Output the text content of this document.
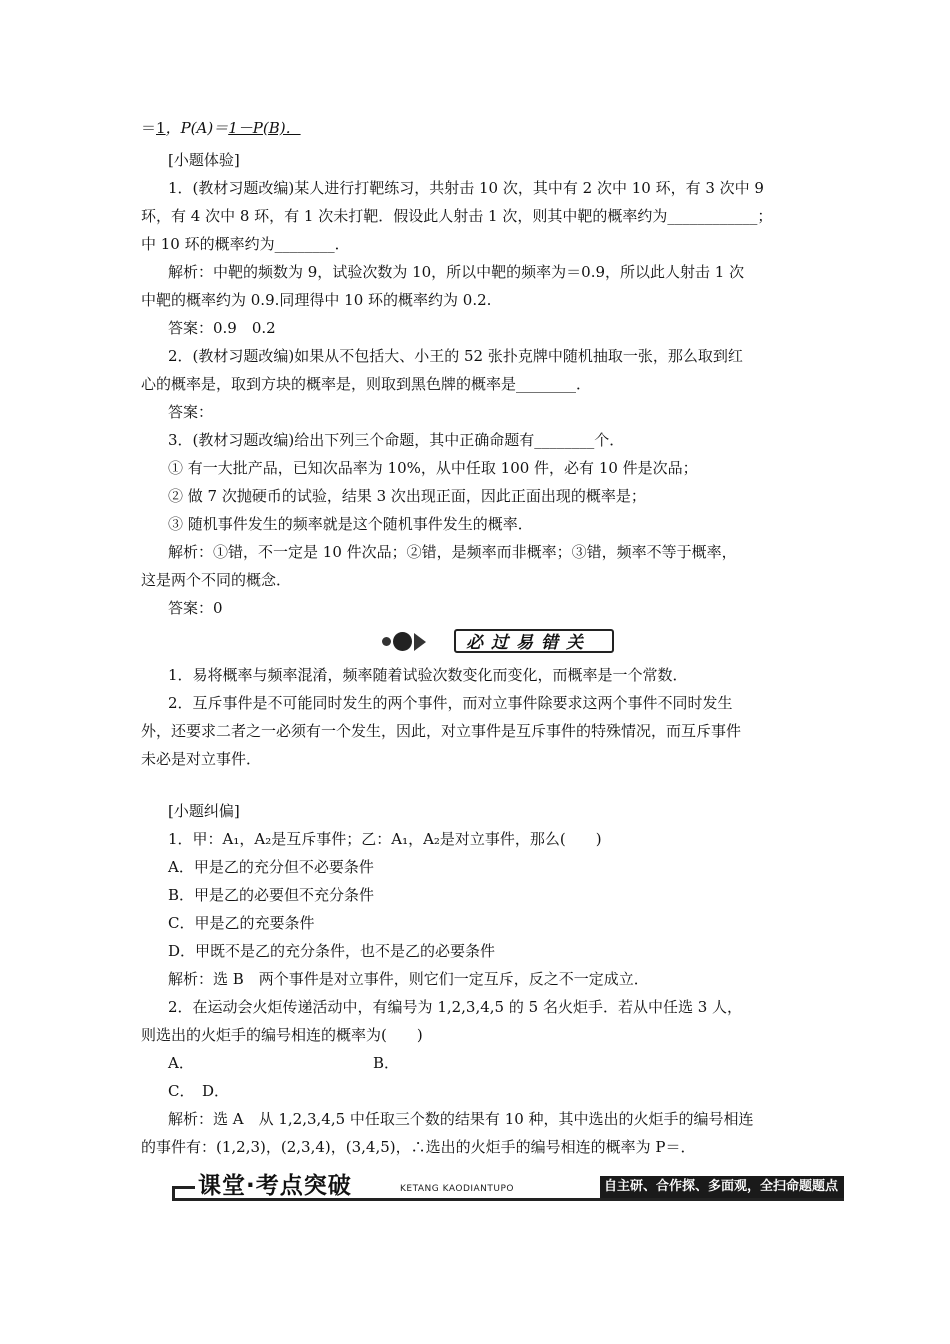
＝1，P(A)＝1－P(B)．
[小题体验]
1．(教材习题改编)某人进行打靶练习，共射击 10 次，其中有 2 次中 10 环，有 3 次中 9
环，有 4 次中 8 环，有 1 次未打靶．假设此人射击 1 次，则其中靶的概率约为____________；
中 10 环的概率约为________．
解析：中靶的频数为 9，试验次数为 10，所以中靶的频率为＝0.9，所以此人射击 1 次
中靶的概率约为 0.9.同理得中 10 环的概率约为 0.2.
答案：0.9　0.2
2．(教材习题改编)如果从不包括大、小王的 52 张扑克牌中随机抽取一张，那么取到红
心的概率是，取到方块的概率是，则取到黑色牌的概率是________．
答案：
3．(教材习题改编)给出下列三个命题，其中正确命题有________个．
① 有一大批产品，已知次品率为 10%，从中任取 100 件，必有 10 件是次品；
② 做 7 次抛硬币的试验，结果 3 次出现正面，因此正面出现的概率是；
③ 随机事件发生的频率就是这个随机事件发生的概率．
解析：①错，不一定是 10 件次品；②错，是频率而非概率；③错，频率不等于概率，
这是两个不同的概念．
答案：0
必过易错关
1．易将概率与频率混淆，频率随着试验次数变化而变化，而概率是一个常数．
2．互斥事件是不可能同时发生的两个事件，而对立事件除要求这两个事件不同时发生
外，还要求二者之一必须有一个发生，因此，对立事件是互斥事件的特殊情况，而互斥事件
未必是对立事件．
[小题纠偏]
1．甲：A₁，A₂是互斥事件；乙：A₁，A₂是对立事件，那么(　　)
A．甲是乙的充分但不必要条件
B．甲是乙的必要但不充分条件
C．甲是乙的充要条件
D．甲既不是乙的充分条件，也不是乙的必要条件
解析：选 B　两个事件是对立事件，则它们一定互斥，反之不一定成立．
2．在运动会火炬传递活动中，有编号为 1,2,3,4,5 的 5 名火炬手．若从中任选 3 人，
则选出的火炬手的编号相连的概率为(　　)
A．	B．
C．　D．
解析：选 A　从 1,2,3,4,5 中任取三个数的结果有 10 种，其中选出的火炬手的编号相连
的事件有：(1,2,3)，(2,3,4)，(3,4,5)，∴选出的火炬手的编号相连的概率为 P＝．
课堂·考点突破	KETANG KAODIANTUPO	自主研、合作探、多面观，全扫命题题点
